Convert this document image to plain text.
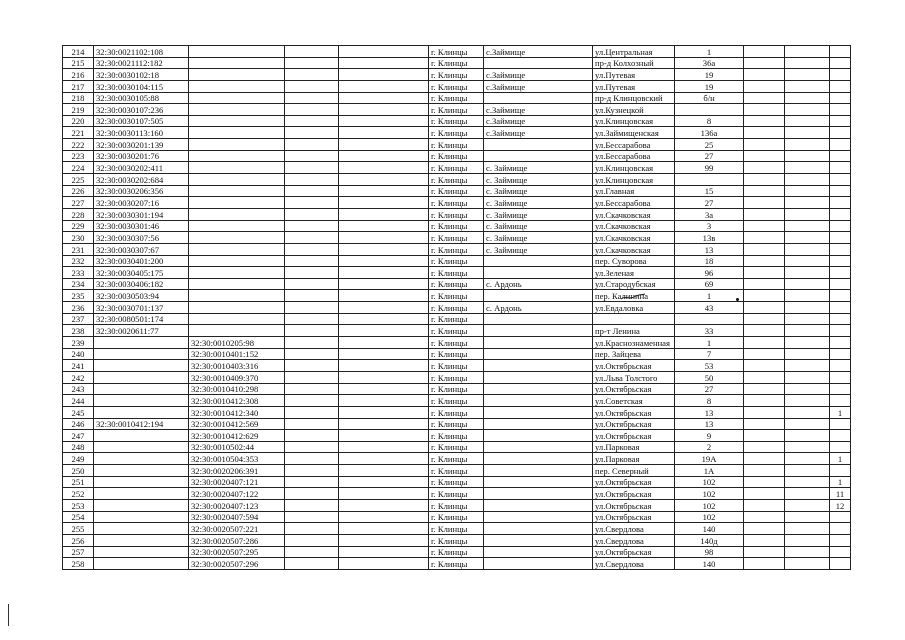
214	32:30:0021102:108				г. Клинцы	с.Займище	ул.Центральная	1			
215	32:30:0021112:182				г. Клинцы		пр-д Колхозный	36а			
216	32:30:0030102:18				г. Клинцы	с.Займище	ул.Путевая	19			
217	32:30:0030104:115				г. Клинцы	с.Займище	ул.Путевая	19			
218	32:30:0030105:88				г. Клинцы		пр-д Клинцовский	б/н			
219	32:30:0030107:236				г. Клинцы	с.Займище	ул.Кузнецкой				
220	32:30:0030107:505				г. Клинцы	с.Займище	ул.Клинцовская	8			
221	32:30:0030113:160				г. Клинцы	с.Займище	ул.Займищенская	136а			
222	32:30:0030201:139				г. Клинцы		ул.Бессарабова	25			
223	32:30:0030201:76				г. Клинцы		ул.Бессарабова	27			
224	32:30:0030202:411				г. Клинцы	с. Займище	ул.Клинцовская	99			
225	32:30:0030202:684				г. Клинцы	с. Займище	ул.Клинцовская				
226	32:30:0030206:356				г. Клинцы	с. Займище	ул.Главная	15			
227	32:30:0030207:16				г. Клинцы	с. Займище	ул.Бессарабова	27			
228	32:30:0030301:194				г. Клинцы	с. Займище	ул.Скачковская	3а			
229	32:30:0030301:46				г. Клинцы	с. Займище	ул.Скачковская	3			
230	32:30:0030307:56				г. Клинцы	с. Займище	ул.Скачковская	13в			
231	32:30:0030307:67				г. Клинцы	с. Займище	ул.Скачковская	13			
232	32:30:0030401:200				г. Клинцы		пер. Суворова	18			
233	32:30:0030405:175				г. Клинцы		ул.Зеленая	96			
234	32:30:0030406:182				г. Клинцы	с. Ардонь	ул.Стародубская	69			
235	32:30:0030503:94				г. Клинцы		пер. Калинина	1			
236	32:30:0030701:137				г. Клинцы	с. Ардонь	ул.Евдаловка	43			
237	32:30:0080501:174				г. Клинцы						
238	32:30:0020611:77				г. Клинцы		пр-т Ленина	33			
239		32:30:0010205:98			г. Клинцы		ул.Краснознаменная	1			
240		32:30:0010401:152			г. Клинцы		пер. Зайцева	7			
241		32:30:0010403:316			г. Клинцы		ул.Октябрьская	53			
242		32:30:0010409:370			г. Клинцы		ул.Льва Толстого	50			
243		32:30:0010410:298			г. Клинцы		ул.Октябрьская	27			
244		32:30:0010412:308			г. Клинцы		ул.Советская	8			
245		32:30:0010412:340			г. Клинцы		ул.Октябрьская	13			1
246	32:30:0010412:194	32:30:0010412:569			г. Клинцы		ул.Октябрьская	13			
247		32:30:0010412:629			г. Клинцы		ул.Октябрьская	9			
248		32:30:0010502:44			г. Клинцы		ул.Парковая	2			
249		32:30:0010504:353			г. Клинцы		ул.Парковая	19А			1
250		32:30:0020206:391			г. Клинцы		пер. Северный	1А			
251		32:30:0020407:121			г. Клинцы		ул.Октябрьская	102			1
252		32:30:0020407:122			г. Клинцы		ул.Октябрьская	102			11
253		32:30:0020407:123			г. Клинцы		ул.Октябрьская	102			12
254		32:30:0020407:594			г. Клинцы		ул.Октябрьская	102			
255		32:30:0020507:221			г. Клинцы		ул.Свердлова	140			
256		32:30:0020507:286			г. Клинцы		ул.Свердлова	140д			
257		32:30:0020507:295			г. Клинцы		ул.Октябрьская	98			
258		32:30:0020507:296			г. Клинцы		ул.Свердлова	140			
